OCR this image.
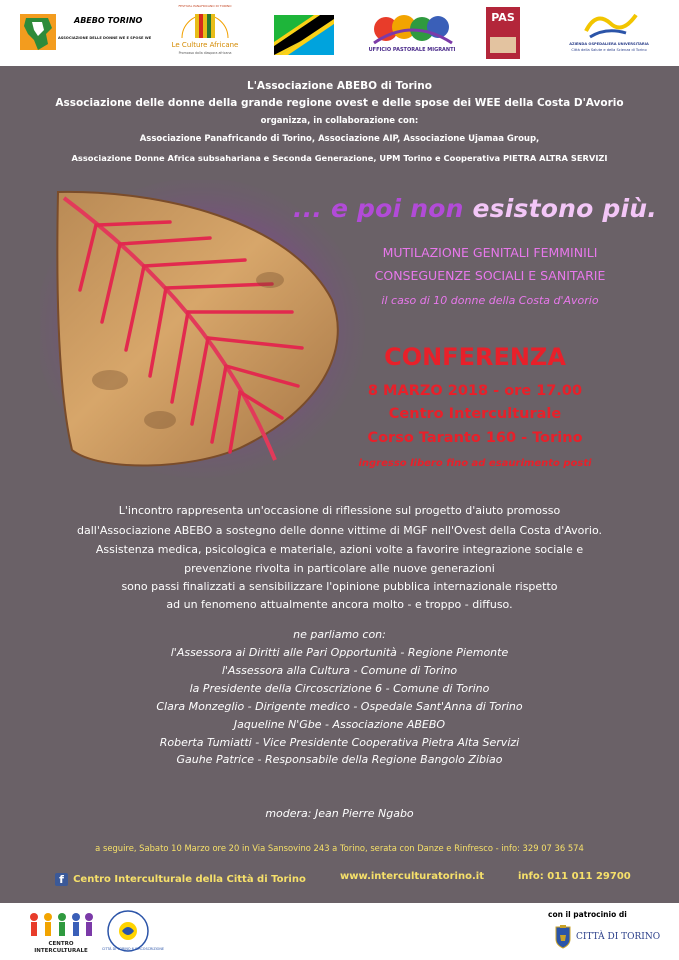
ABEBO TORINO
ASSOCIAZIONE DELLE DONNE WE E SPOSE WE
FESTIVAL PANAFRICANO DI TORINO
Le Culture Africane
Promosso dalla diaspora africana	UFFICIO PASTORALE MIGRANTI
PAS
AZIENDA OSPEDALIERA UNIVERSITARIA
Città della Salute e della Scienza di Torino
L'Associazione ABEBO di Torino
Associazione delle donne della grande regione ovest e delle spose dei WEE della Costa D'Avorio
organizza, in collaborazione con:
Associazione Panafricando di Torino, Associazione AIP, Associazione Ujamaa Group,
Associazione Donne Africa subsahariana e Seconda Generazione, UPM Torino e Cooperativa PIETRA ALTRA SERVIZI
... e poi non esistono più.
MUTILAZIONE GENITALI FEMMINILI
CONSEGUENZE SOCIALI E SANITARIE
il caso di 10 donne della Costa d'Avorio
CONFERENZA
8 MARZO 2018 - ore 17.00
Centro Interculturale
Corso Taranto 160 - Torino
ingresso libero fino ad esaurimento posti
L'incontro rappresenta un'occasione di riflessione sul progetto d'aiuto promosso
dall'Associazione ABEBO a sostegno delle donne vittime di MGF nell'Ovest della Costa d'Avorio.
Assistenza medica, psicologica e materiale, azioni volte a favorire integrazione sociale e
prevenzione rivolta in particolare alle nuove generazioni
sono passi finalizzati a sensibilizzare l'opinione pubblica internazionale rispetto
ad un fenomeno attualmente ancora molto - e troppo - diffuso.
ne parliamo con:
l'Assessora ai Diritti alle Pari Opportunità - Regione Piemonte
l'Assessora alla Cultura - Comune di Torino
la Presidente della Circoscrizione 6 - Comune di Torino
Clara Monzeglio - Dirigente medico - Ospedale Sant'Anna di Torino
Jaqueline N'Gbe - Associazione ABEBO
Roberta Tumiatti - Vice Presidente Cooperativa Pietra Alta Servizi
Gauhe Patrice - Responsabile della Regione Bangolo Zibiao
modera: Jean Pierre Ngabo
a seguire, Sabato 10 Marzo ore 20 in Via Sansovino 243 a Torino, serata con Danze e Rinfresco - info: 329 07 36 574
f Centro Interculturale della Città di Torino	www.interculturatorino.it	info: 011 011 29700
CENTRO INTERCULTURALE	CITTÀ DI TORINO 6 CIRCOSCRIZIONE
con il patrocinio di
CITTÀ DI TORINO
